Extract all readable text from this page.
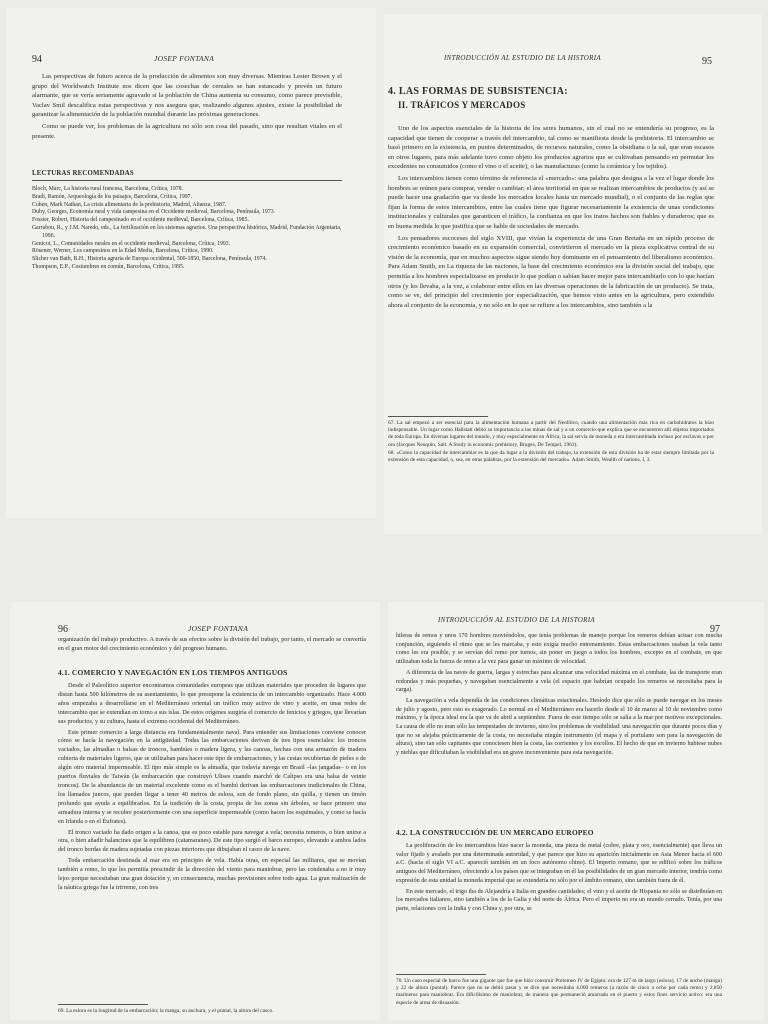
94	JOSEP FONTANA

Las perspectivas de futuro acerca de la producción de alimentos son muy diversas. Mientras Lester Brown y el grupo del Worldwatch Institute nos dicen que las cosechas de cereales se han estancado y prevén un futuro alarmante, que se vería seriamente agravado si la población de China aumenta su consumo, como parece previsible, Vaclav Smil descalifica estas perspectivas y nos asegura que, realizando algunos ajustes, existe la posibilidad de garantizar la alimentación de la población mundial durante las próximas generaciones.

Como se puede ver, los problemas de la agricultura no sólo son cosa del pasado, sino que resultan vitales en el presente.

LECTURAS RECOMENDADAS
Bloch, Marc, La historia rural francesa, Barcelona, Crítica, 1978.
Bradi, Ramón, Arqueología de los paisajes, Barcelona, Crítica, 1997.
Cohen, Mark Nathan, La crisis alimentaria de la prehistoria, Madrid, Alianza, 1987.
Duby, Georges, Economía rural y vida campesina en el Occidente medieval, Barcelona, Península, 1973.
Fossier, Robert, Historia del campesinado en el occidente medieval, Barcelona, Crítica, 1985.
Garrabou, R., y J.M. Naredo, eds., La fertilización en los sistemas agrarios. Una perspectiva histórica, Madrid, Fundación Argentaria, 1996.
Genicot, L., Comunidades rurales en el occidente medieval, Barcelona, Crítica, 1993.
Rösener, Werner, Los campesinos en la Edad Media, Barcelona, Crítica, 1990.
Slicher van Bath, B.H., Historia agraria de Europa occidental, 500-1850, Barcelona, Península, 1974.
Thompson, E.P., Costumbres en común, Barcelona, Crítica, 1995.
INTRODUCCIÓN AL ESTUDIO DE LA HISTORIA	95
4. LAS FORMAS DE SUBSISTENCIA:
II. TRÁFICOS Y MERCADOS

Uno de los aspectos esenciales de la historia de los seres humanos, sin el cual no se entendería su progreso, es la capacidad que tienen de cooperar a través del intercambio, tal como se manifiesta desde la prehistoria. El intercambio se basó primero en la existencia, en puntos determinados, de recursos naturales, como la obsidiana o la sal, que eran escasos en otros lugares, para más adelante tuvo como objeto los productos agrarios que se cultivaban pensando en permutar los excedentes no consumidos (como el vino o el aceite), o las manufacturas (como la cerámica y los tejidos).

Los intercambios tienen como término de referencia el «mercado»: una palabra que designa a la vez el lugar donde los hombres se reúnen para comprar, vender o cambiar; el área territorial en que se realizan intercambios de productos (y así se puede hacer una gradación que va desde los mercados locales hasta un mercado mundial), o el conjunto de las reglas que fijan la forma de estos intercambios, entre las cuales tiene que figurar necesariamente la existencia de unas condiciones institucionales y culturales que garanticen el tráfico, la confianza en que los tratos hechos son fiables y duraderos; que es en buena medida lo que justifica que se hable de sociedades de mercado.

Los pensadores escoceses del siglo XVIII, que vivían la experiencia de una Gran Bretaña en un rápido proceso de crecimiento económico basado en su expansión comercial, convirtieron el mercado en la pieza explicativa central de su visión de la economía, que en muchos aspectos sigue siendo hoy dominante en el pensamiento del liberalismo económico. Para Adam Smith, en La riqueza de las naciones, la base del crecimiento económico era la división social del trabajo, que permitía a los hombres especializarse en producir lo que podían o sabían hacer mejor para intercambiarlo con lo que hacían otros (y les llevaba, a la vez, a colaborar entre ellos en las diversas operaciones de la fabricación de un producto). Se trata, como se ve, del principio del crecimiento por especialización, que hemos visto antes en la agricultura, pero extendido ahora al conjunto de la economía, y no sólo en lo que se refiere a los intercambios, sino también a la

67. La sal empezó a ser esencial para la alimentación humana a partir del Neolítico, cuando una alimentación más rica en carbohidratos la hizo indispensable. Un lugar como Hallstatt debió su importancia a las minas de sal y a un comercio que explica que se encuentren allí objetos importados de toda Europa. En diversas lugares del mundo, y muy especialmente en África, la sal servía de moneda o era intercambiada incluso por esclavos o por oro (Jacques Neuquin, Salt. A Study in economic prehistory, Bruges, De Tempel, 1961).

68. «Como la capacidad de intercambiar es la que da lugar a la división del trabajo, la extensión de esta división ha de estar siempre limitada por la extensión de esta capacidad, o, sea, en otras palabras, por la extensión del mercado». Adam Smith, Wealth of nations, I, 3.

96	JOSEP FONTANA

organización del trabajo productivo. A través de sus efectos sobre la división del trabajo, por tanto, el mercado se convertía en el gran motor del crecimiento económico y del progreso humano.

4.1. COMERCIO Y NAVEGACIÓN EN LOS TIEMPOS ANTIGUOS

Desde el Paleolítico superior encontramos comunidades europeas que utilizan materiales que proceden de lugares que distan hasta 500 kilómetros de su asentamiento, lo que presupone la existencia de un intercambio organizado. Hace 4.000 años empezaba a desarrollarse en el Mediterráneo oriental un tráfico muy activo de vino y aceite, en unas redes de intercambio que se extendían en torno a sus islas. De estos orígenes surgiría el comercio de fenicios y griegos, que llevarían sus productos, y su cultura, hasta el extremo occidental del Mediterráneo.

Este primer comercio a larga distancia era fundamentalmente naval. Para entender sus limitaciones conviene conocer cómo se hacía la navegación en la antigüedad. Todas las embarcaciones derivan de tres tipos esenciales: los troncos vaciados, las almadías o balsas de troncos, bambúes o madera ligera, y las canoas, hechas con una armazón de madera cubierta de materiales ligeros, que se utilizaban para hacer este tipo de embarcaciones, y las cestas recubiertas de pieles o de algún otro material impermeable. El tipo más simple es la almadía, que todavía navega en Brasil –las jangadas– o en los puertos fluviales de Taiwán (la embarcación que construyó Ulises cuando marchó de Calipso era una balsa de veinte troncos). De la abundancia de un material excelente como es el bambú derivan las embarcaciones tradicionales de China, los llamados juncos, que pueden llegar a tener 40 metros de eslora, son de fondo plano, sin quilla, y tienen un timón profundo que ayuda a equilibrarlos. En la tradición de la costa, propia de los zonas sin árboles, se hace primero una armadura interna y se recubre posteriormente con una superficie impermeable (como hacen los esquimales, y como se hacía en Irlanda o en el Éufrates).

El tronco vaciado ha dado origen a la canoa, que es poco estable para navegar a vela; necesita remeros, o bien unirse a otra, o bien añadir balancines que la equilibren (catamaranes). De este tipo surgió el barco europeo, elevando a ambos lados del tronco bordas de madera sujetadas con piezas interiores que dibujaban el casco de la nave.

Toda embarcación destinada al mar era en principio de vela. Había otras, en especial las militares, que se movían también a remo, lo que les permitía prescindir de la dirección del viento para maniobrar, pero las condenaba a no ir muy lejos porque necesitaban una gran dotación y, en consecuencia, muchas provisiones sobre todo agua. La gran realización de la náutica griega fue la trirreme, con tres

69. La eslora es la longitud de la embarcación; la manga, su anchura, y el puntal, la altura del casco.
INTRODUCCIÓN AL ESTUDIO DE LA HISTORIA
97

hileras de remos y unos 170 hombres moviéndolos, que tenía problemas de manejo porque los remeros debían actuar con mucha conjunción, siguiendo el ritmo que se les marcaba, y esto exigía mucho entrenamiento. Estas embarcaciones usaban la vela tanto como les era posible, y se servían del remo por turnos, sin poner en juego a todos los hombres, excepto en el combate, en que utilizaban toda la fuerza de remo a la vez para ganar un máximo de velocidad.

A diferencia de las naves de guerra, largas y estrechas para alcanzar una velocidad máxima en el combate, las de transporte eran redondas y más pequeñas, y navegaban esencialmente a vela (el espacio que habrían ocupado los remeros se necesitaba para la carga).

La navegación a vela dependía de las condiciones climáticas estacionales. Hesíodo dice que sólo se puede navegar en los meses de julio y agosto, pero esto es exagerado. Lo normal en el Mediterráneo era hacerlo desde el 10 de marzo al 10 de noviembre como máximo, y la época ideal era la que va de abril a septiembre. Fuera de este tiempo sólo se salía a la mar por motivos excepcionales. La causa de ello no eran sólo las tempestades de invierno, sino los problemas de visibilidad: una navegación que durante pocos días y que no se alejaba prácticamente de la costa, no necesitaba ningún instrumento (el mapa y el portulano son para la navegación de altura), sino tan sólo capitanes que conociesen bien la costa, las corrientes y los escollos. El hecho de que en invierno hubiese nubes y nieblas que dificultaban la visibilidad era un grave inconveniente para esta navegación.

4.2. LA CONSTRUCCIÓN DE UN MERCADO EUROPEO

La proliferación de los intercambios hizo nacer la moneda, una pieza de metal (cobre, plata y oro, esencialmente) que lleva un valor fijado y avalado por una determinada autoridad, y que parece que hizo su aparición inicialmente en Asia Menor hacia el 600 a.C. (hacia el siglo VI a.C. apareció también en un foco autónomo chino). El Imperio romano, que se edificó sobre los tráficos antiguos del Mediterráneo, ofreciendo a los países que se integraban en él las posibilidades de un gran mercado interior, tendría como expresión de esta unidad la moneda imperial que se extendería no sólo por el ámbito romano, sino también fuera de él.

En este mercado, el trigo iba de Alejandría a Italia en grandes cantidades; el vino y el aceite de Hispania no sólo se distribuían en los mercados italianos, sino también a los de la Galia y del norte de África. Pero el imperio no era un mundo cerrado. Tenía, por una parte, relaciones con la India y con China y, por otra, se

70. Un caso especial de barco fue una gigante que fue que hizo construir Ptolomeo IV de Egipto: era de 127 m de largo (eslora), 17 de ancho (manga) y 22 de altura (puntal). Parece que no se debió pasar y se dice que necesitaba 4.000 remeros (a razón de cinco a ocho por cada remo) y 2.850 marineros para maniobrar. Era dificilísimo de maniobrar, de manera que permaneció amarrado en el puerto y estos fines servicio activo: era una especie de arma de disuasión.
